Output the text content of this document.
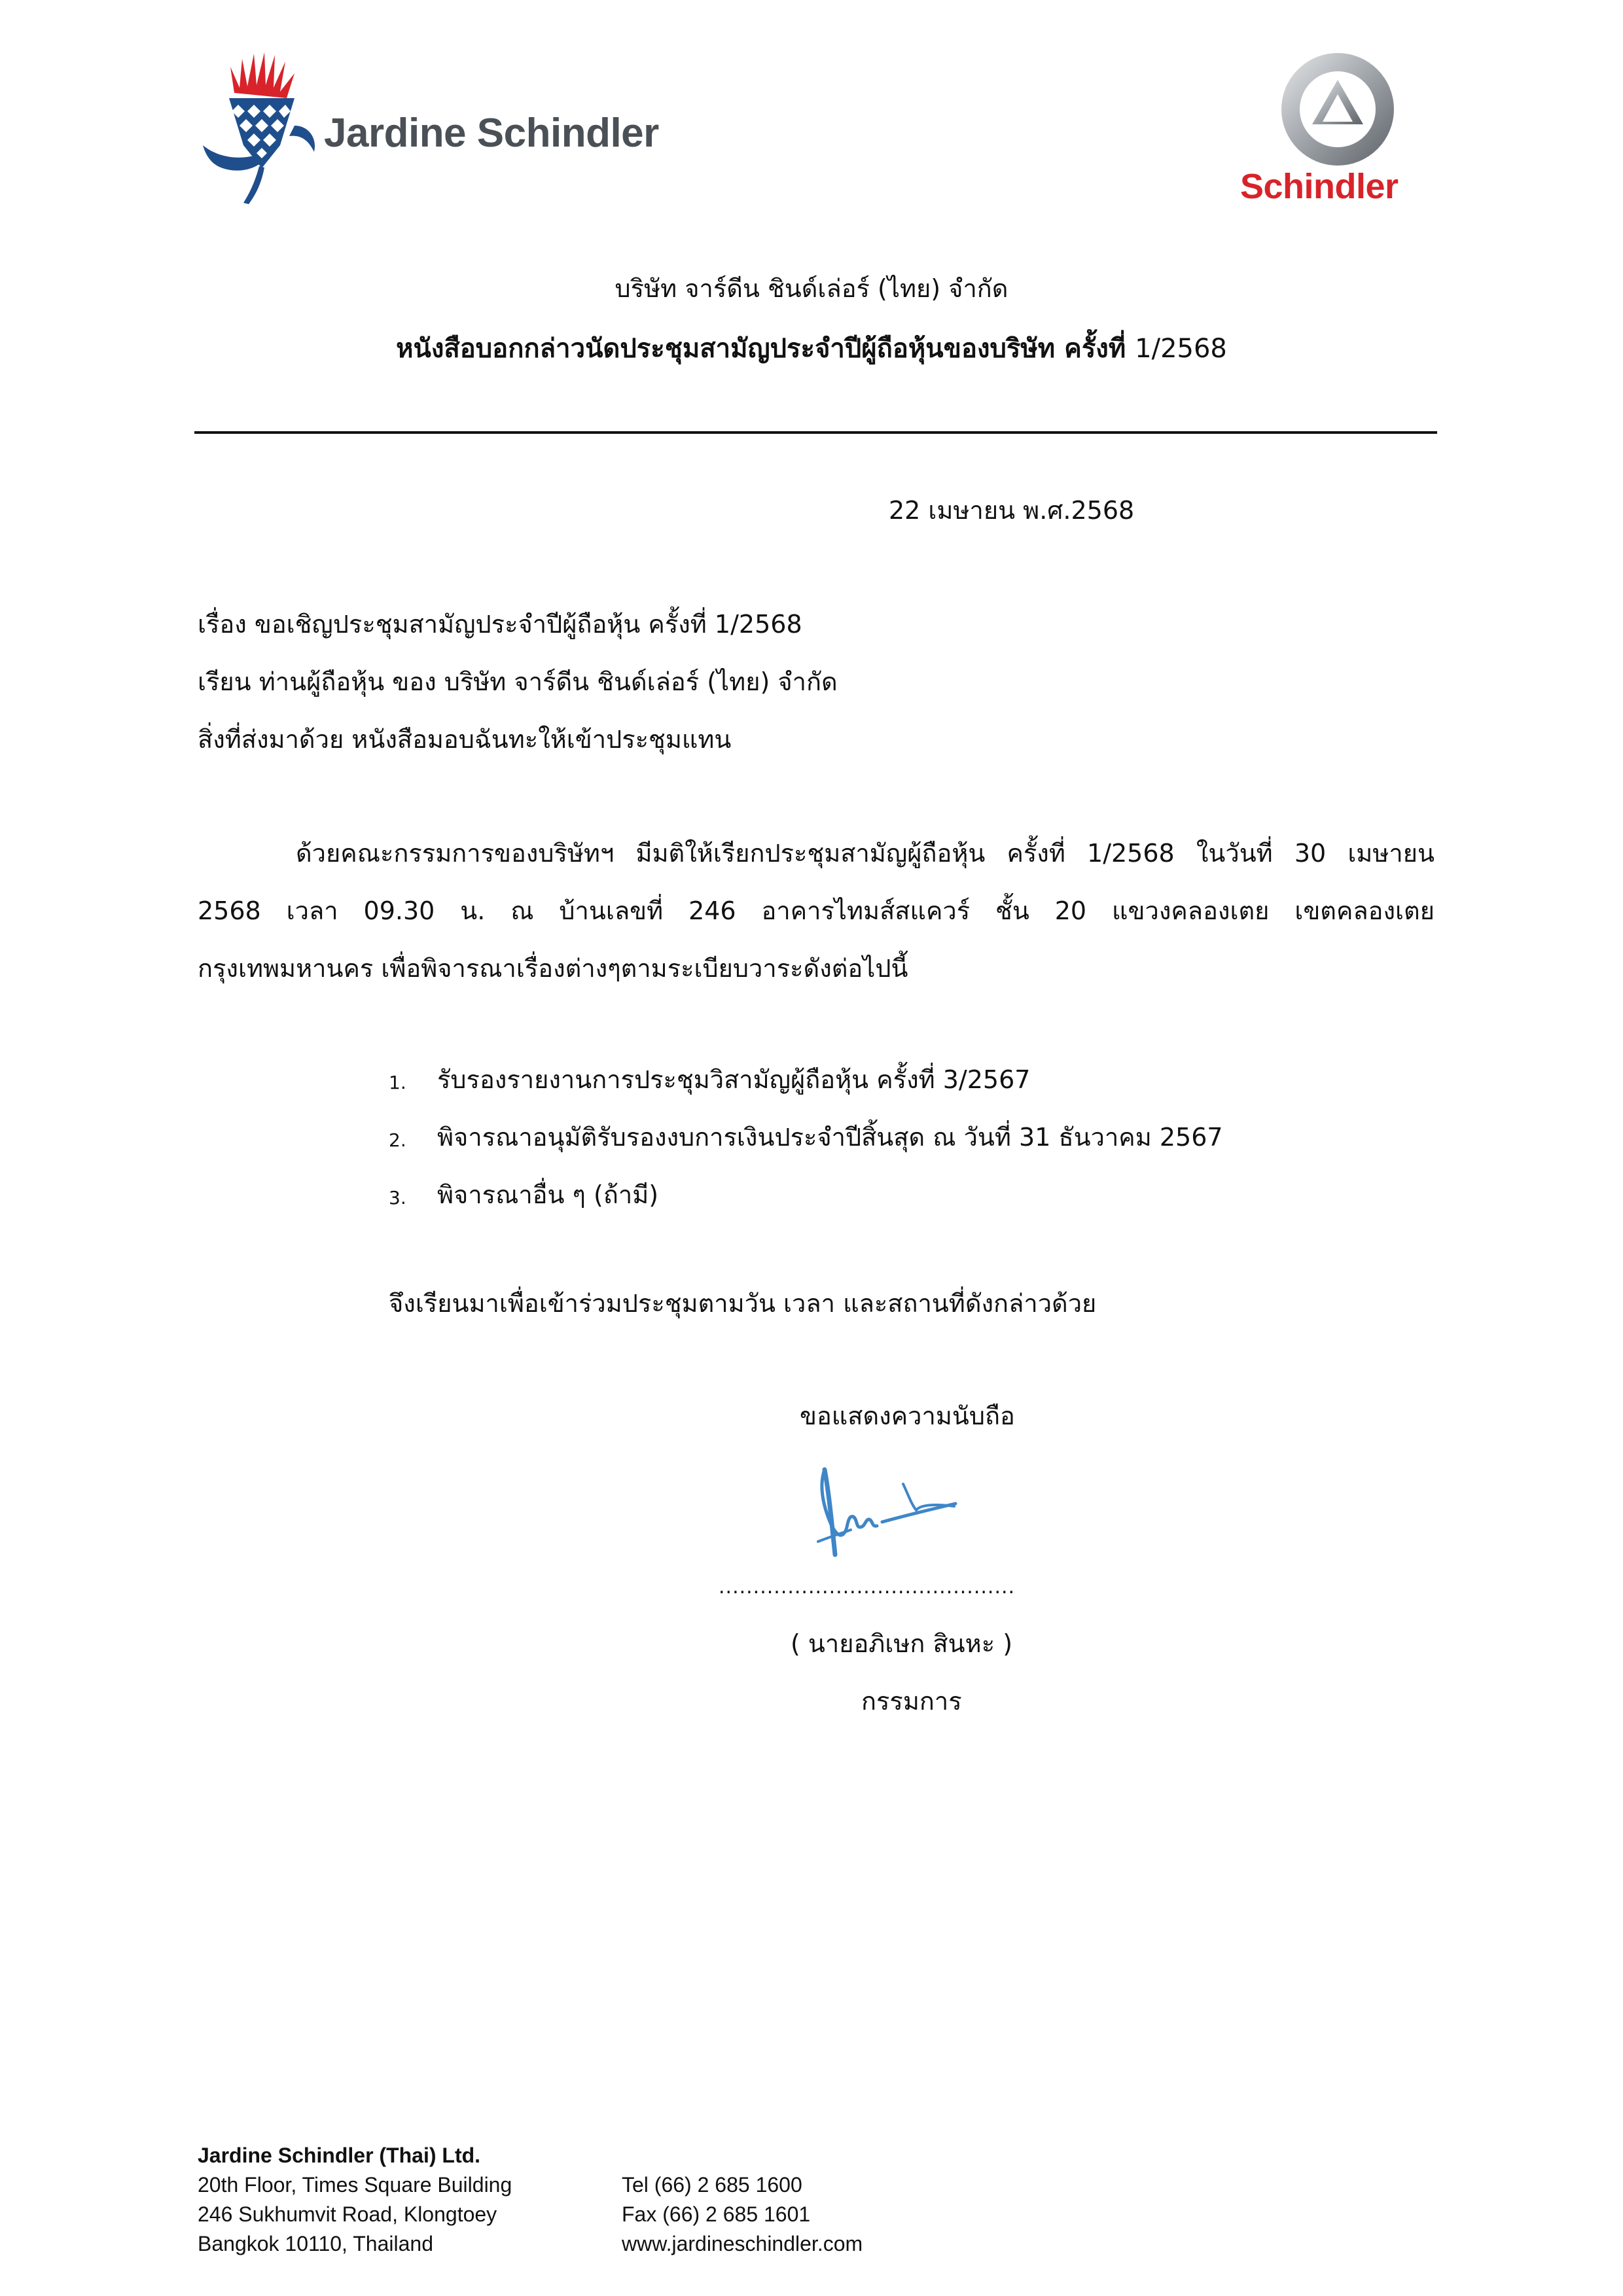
Jardine Schindler
Schindler
บริษัท จาร์ดีน ชินด์เล่อร์ (ไทย) จำกัด
หนังสือบอกกล่าวนัดประชุมสามัญประจำปีผู้ถือหุ้นของบริษัท ครั้งที่ 1/2568
22 เมษายน พ.ศ.2568
เรื่อง ขอเชิญประชุมสามัญประจำปีผู้ถือหุ้น ครั้งที่ 1/2568
เรียน ท่านผู้ถือหุ้น ของ บริษัท จาร์ดีน ชินด์เล่อร์ (ไทย) จำกัด
สิ่งที่ส่งมาด้วย หนังสือมอบฉันทะให้เข้าประชุมแทน
ด้วยคณะกรรมการของบริษัทฯ มีมติให้เรียกประชุมสามัญผู้ถือหุ้น ครั้งที่ 1/2568 ในวันที่ 30 เมษายน
2568 เวลา 09.30 น. ณ บ้านเลขที่ 246 อาคารไทมส์สแควร์ ชั้น 20 แขวงคลองเตย เขตคลองเตย
กรุงเทพมหานคร เพื่อพิจารณาเรื่องต่างๆตามระเบียบวาระดังต่อไปนี้
1. รับรองรายงานการประชุมวิสามัญผู้ถือหุ้น ครั้งที่ 3/2567
2. พิจารณาอนุมัติรับรองงบการเงินประจำปีสิ้นสุด ณ วันที่ 31 ธันวาคม 2567
3. พิจารณาอื่น ๆ (ถ้ามี)
จึงเรียนมาเพื่อเข้าร่วมประชุมตามวัน เวลา และสถานที่ดังกล่าวด้วย
ขอแสดงความนับถือ
...........................................
( นายอภิเษก สินหะ )
กรรมการ
Jardine Schindler (Thai) Ltd.
20th Floor, Times Square Building
246 Sukhumvit Road, Klongtoey
Bangkok 10110, Thailand
Tel (66) 2 685 1600
Fax (66) 2 685 1601
www.jardineschindler.com
